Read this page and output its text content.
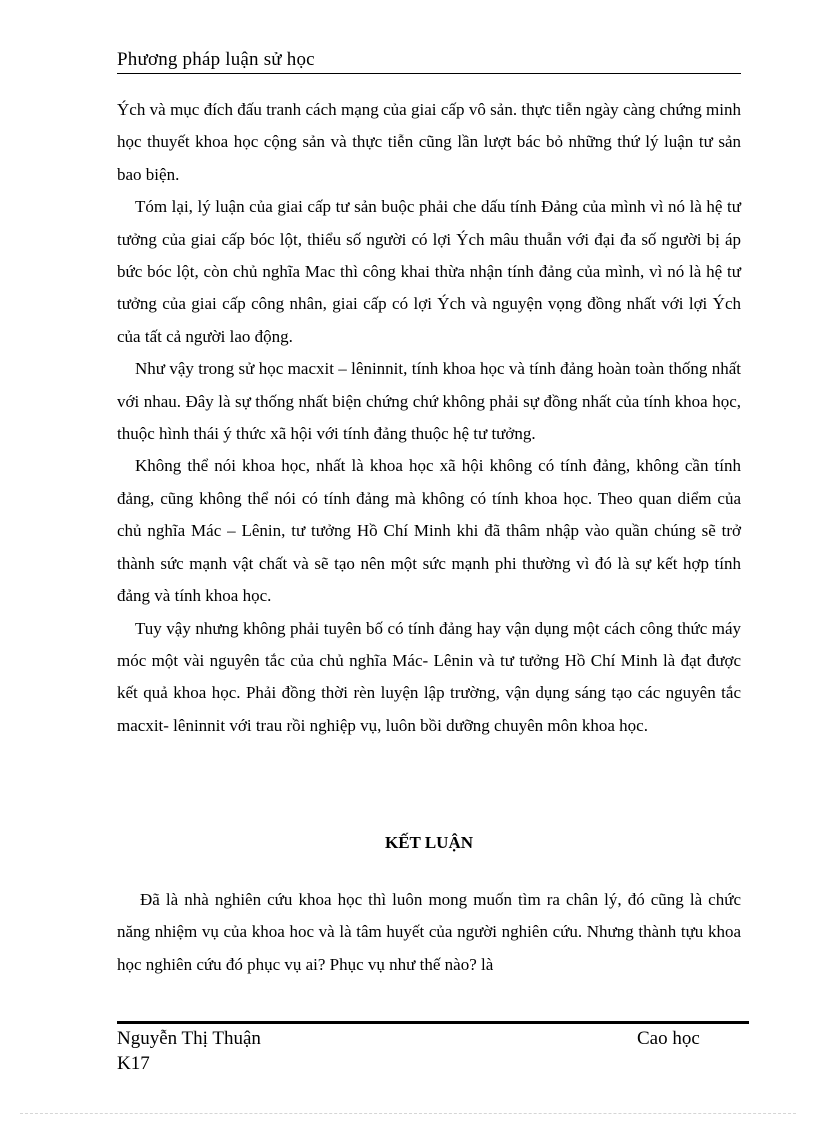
Phương pháp luận sử học

Ých và mục đích đấu tranh cách mạng của giai cấp vô sản. thực tiễn ngày càng chứng minh học thuyết khoa học cộng sản và thực tiễn cũng lần lượt bác bỏ những thứ lý luận tư sản bao biện.

Tóm lại, lý luận của giai cấp tư sản buộc phải che dấu tính Đảng của mình vì nó là hệ tư tưởng của giai cấp bóc lột, thiểu số người có lợi Ých mâu thuẫn với đại đa số người bị áp bức bóc lột, còn chủ nghĩa Mac thì công khai thừa nhận tính đảng của mình, vì nó là hệ tư tưởng của giai cấp công nhân, giai cấp có lợi Ých và nguyện vọng đồng nhất với lợi Ých của tất cả người lao động.

Như vậy trong sử học macxit – lêninnit, tính khoa học và tính đảng hoàn toàn thống nhất với nhau. Đây là sự thống nhất biện chứng chứ không phải sự đồng nhất của tính khoa học, thuộc hình thái ý thức xã hội với tính đảng thuộc hệ tư tưởng.

Không thể nói khoa học, nhất là khoa học xã hội không có tính đảng, không cần tính đảng, cũng không thể nói có tính đảng mà không có tính khoa học. Theo quan diểm của chủ nghĩa Mác – Lênin, tư tưởng Hồ Chí Minh khi đã thâm nhập vào quần chúng sẽ trở thành sức mạnh vật chất và sẽ tạo nên một sức mạnh phi thường vì đó là sự kết hợp tính đảng và tính khoa học.

Tuy vậy nhưng không phải tuyên bố có tính đảng hay vận dụng một cách công thức máy móc một vài nguyên tắc của chủ nghĩa Mác- Lênin và tư tưởng Hồ Chí Minh là đạt được kết quả khoa học. Phải đồng thời rèn luyện lập trường, vận dụng sáng tạo các nguyên tắc macxit- lêninnit với trau rồi nghiệp vụ, luôn bồi dưỡng chuyên môn khoa học.

KẾT LUẬN

Đã là nhà nghiên cứu khoa học thì luôn mong muốn tìm ra chân lý, đó cũng là chức năng nhiệm vụ của khoa hoc và là tâm huyết của người nghiên cứu. Nhưng thành tựu khoa học nghiên cứu đó phục vụ ai? Phục vụ như thế nào? là

Nguyễn Thị Thuận	Cao học
K17
